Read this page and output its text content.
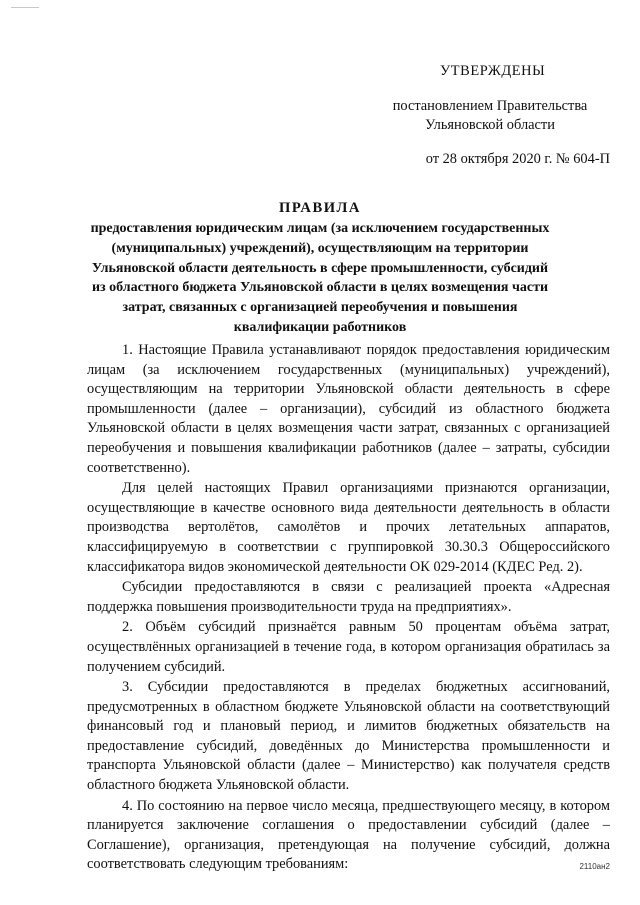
УТВЕРЖДЕНЫ
постановлением Правительства
Ульяновской области
от 28 октября 2020 г. № 604-П
ПРАВИЛА
предоставления юридическим лицам (за исключением государственных (муниципальных) учреждений), осуществляющим на территории Ульяновской области деятельность в сфере промышленности, субсидий из областного бюджета Ульяновской области в целях возмещения части затрат, связанных с организацией переобучения и повышения квалификации работников

1. Настоящие Правила устанавливают порядок предоставления юридическим лицам (за исключением государственных (муниципальных) учреждений), осуществляющим на территории Ульяновской области деятельность в сфере промышленности (далее – организации), субсидий из областного бюджета Ульяновской области в целях возмещения части затрат, связанных с организацией переобучения и повышения квалификации работников (далее – затраты, субсидии соответственно).

Для целей настоящих Правил организациями признаются организации, осуществляющие в качестве основного вида деятельности деятельность в области производства вертолётов, самолётов и прочих летательных аппаратов, классифицируемую в соответствии с группировкой 30.30.3 Общероссийского классификатора видов экономической деятельности ОК 029-2014 (КДЕС Ред. 2).

Субсидии предоставляются в связи с реализацией проекта «Адресная поддержка повышения производительности труда на предприятиях».

2. Объём субсидий признаётся равным 50 процентам объёма затрат, осуществлённых организацией в течение года, в котором организация обратилась за получением субсидий.

3. Субсидии предоставляются в пределах бюджетных ассигнований, предусмотренных в областном бюджете Ульяновской области на соответствующий финансовый год и плановый период, и лимитов бюджетных обязательств на предоставление субсидий, доведённых до Министерства промышленности и транспорта Ульяновской области (далее – Министерство) как получателя средств областного бюджета Ульяновской области.

4. По состоянию на первое число месяца, предшествующего месяцу, в котором планируется заключение соглашения о предоставлении субсидий (далее – Соглашение), организация, претендующая на получение субсидий, должна соответствовать следующим требованиям:	2110ан2
